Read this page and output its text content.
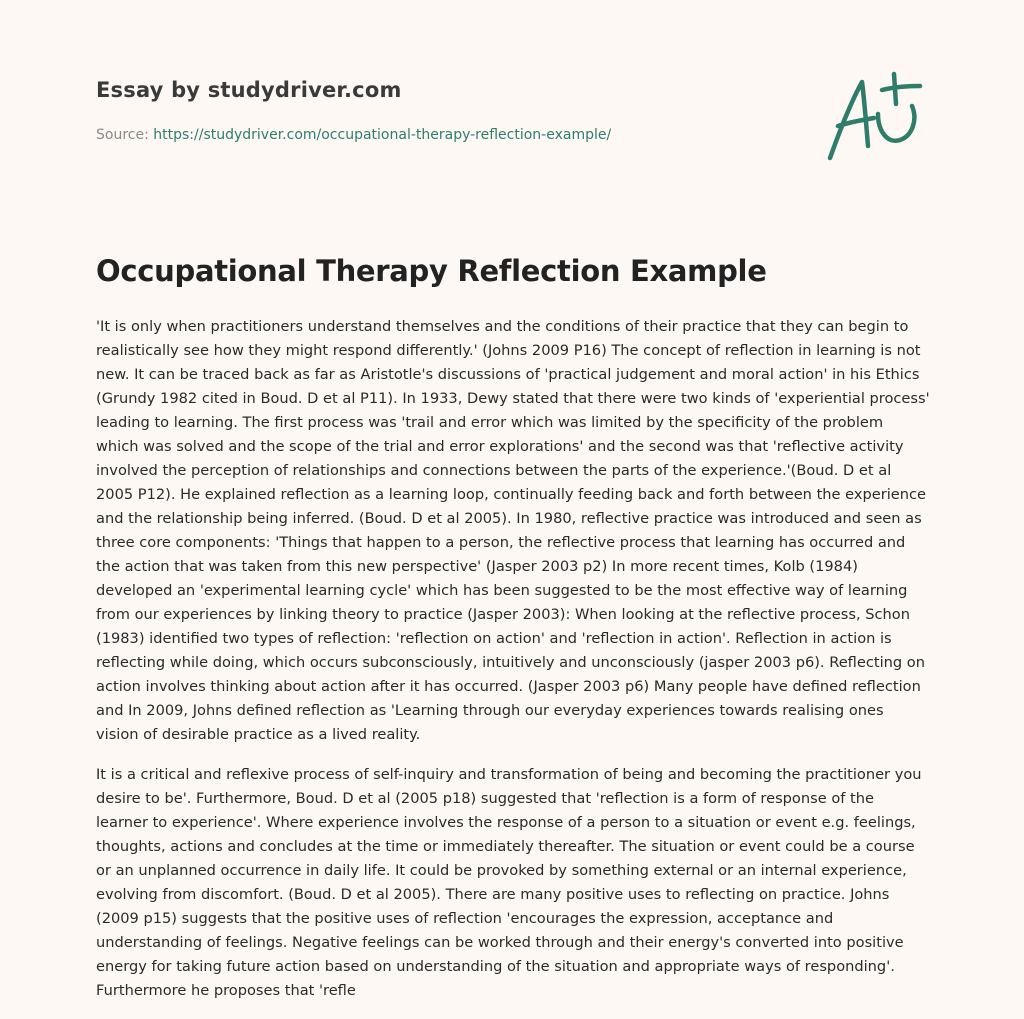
Essay by studydriver.com
Source: https://studydriver.com/occupational-therapy-reflection-example/
Occupational Therapy Reflection Example

'It is only when practitioners understand themselves and the conditions of their practice that they can begin to realistically see how they might respond differently.' (Johns 2009 P16) The concept of reflection in learning is not new. It can be traced back as far as Aristotle's discussions of 'practical judgement and moral action' in his Ethics (Grundy 1982 cited in Boud. D et al P11). In 1933, Dewy stated that there were two kinds of 'experiential process' leading to learning. The first process was 'trail and error which was limited by the specificity of the problem which was solved and the scope of the trial and error explorations' and the second was that 'reflective activity involved the perception of relationships and connections between the parts of the experience.'(Boud. D et al 2005 P12). He explained reflection as a learning loop, continually feeding back and forth between the experience and the relationship being inferred. (Boud. D et al 2005). In 1980, reflective practice was introduced and seen as three core components: 'Things that happen to a person, the reflective process that learning has occurred and the action that was taken from this new perspective' (Jasper 2003 p2) In more recent times, Kolb (1984) developed an 'experimental learning cycle' which has been suggested to be the most effective way of learning from our experiences by linking theory to practice (Jasper 2003): When looking at the reflective process, Schon (1983) identified two types of reflection: 'reflection on action' and 'reflection in action'. Reflection in action is reflecting while doing, which occurs subconsciously, intuitively and unconsciously (jasper 2003 p6). Reflecting on action involves thinking about action after it has occurred. (Jasper 2003 p6) Many people have defined reflection and In 2009, Johns defined reflection as 'Learning through our everyday experiences towards realising ones vision of desirable practice as a lived reality.

It is a critical and reflexive process of self-inquiry and transformation of being and becoming the practitioner you desire to be'. Furthermore, Boud. D et al (2005 p18) suggested that 'reflection is a form of response of the learner to experience'. Where experience involves the response of a person to a situation or event e.g. feelings, thoughts, actions and concludes at the time or immediately thereafter. The situation or event could be a course or an unplanned occurrence in daily life. It could be provoked by something external or an internal experience, evolving from discomfort. (Boud. D et al 2005). There are many positive uses to reflecting on practice. Johns (2009 p15) suggests that the positive uses of reflection 'encourages the expression, acceptance and understanding of feelings. Negative feelings can be worked through and their energy's converted into positive energy for taking future action based on understanding of the situation and appropriate ways of responding'. Furthermore he proposes that 'refle
